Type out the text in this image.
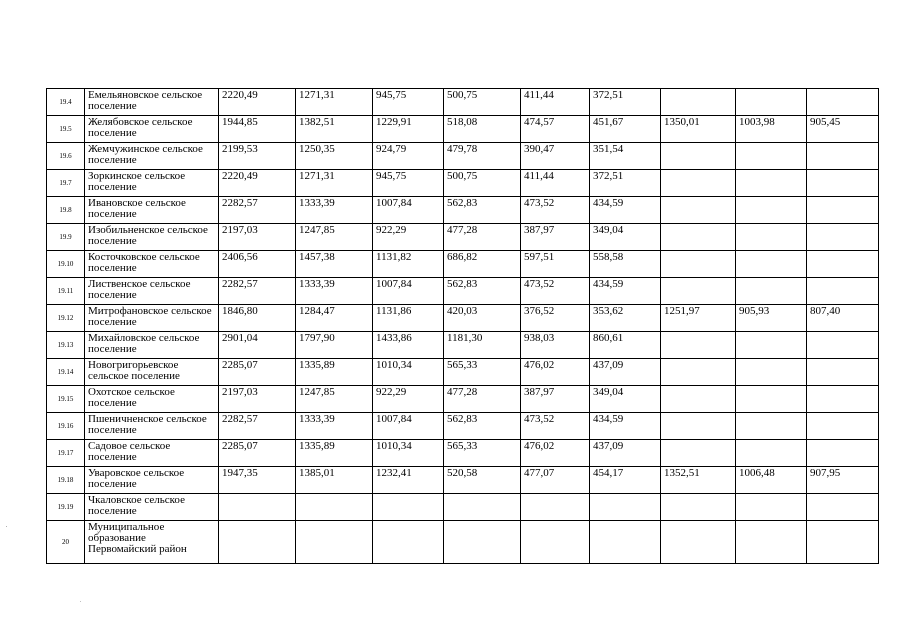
19.4	Емельяновское сельское поселение	2220,49	1271,31	945,75	500,75	411,44	372,51			
19.5	Желябовское сельское поселение	1944,85	1382,51	1229,91	518,08	474,57	451,67	1350,01	1003,98	905,45
19.6	Жемчужинское сельское поселение	2199,53	1250,35	924,79	479,78	390,47	351,54			
19.7	Зоркинское сельское поселение	2220,49	1271,31	945,75	500,75	411,44	372,51			
19.8	Ивановское сельское поселение	2282,57	1333,39	1007,84	562,83	473,52	434,59			
19.9	Изобильненское сельское поселение	2197,03	1247,85	922,29	477,28	387,97	349,04			
19.10	Косточковское сельское поселение	2406,56	1457,38	1131,82	686,82	597,51	558,58			
19.11	Лиственское сельское поселение	2282,57	1333,39	1007,84	562,83	473,52	434,59			
19.12	Митрофановское сельское поселение	1846,80	1284,47	1131,86	420,03	376,52	353,62	1251,97	905,93	807,40
19.13	Михайловское сельское поселение	2901,04	1797,90	1433,86	1181,30	938,03	860,61			
19.14	Новогригорьевское сельское поселение	2285,07	1335,89	1010,34	565,33	476,02	437,09			
19.15	Охотское сельское поселение	2197,03	1247,85	922,29	477,28	387,97	349,04			
19.16	Пшеничненское сельское поселение	2282,57	1333,39	1007,84	562,83	473,52	434,59			
19.17	Садовое сельское поселение	2285,07	1335,89	1010,34	565,33	476,02	437,09			
19.18	Уваровское сельское поселение	1947,35	1385,01	1232,41	520,58	477,07	454,17	1352,51	1006,48	907,95
19.19	Чкаловское сельское поселение									
20	Муниципальное образование Первомайский район									
